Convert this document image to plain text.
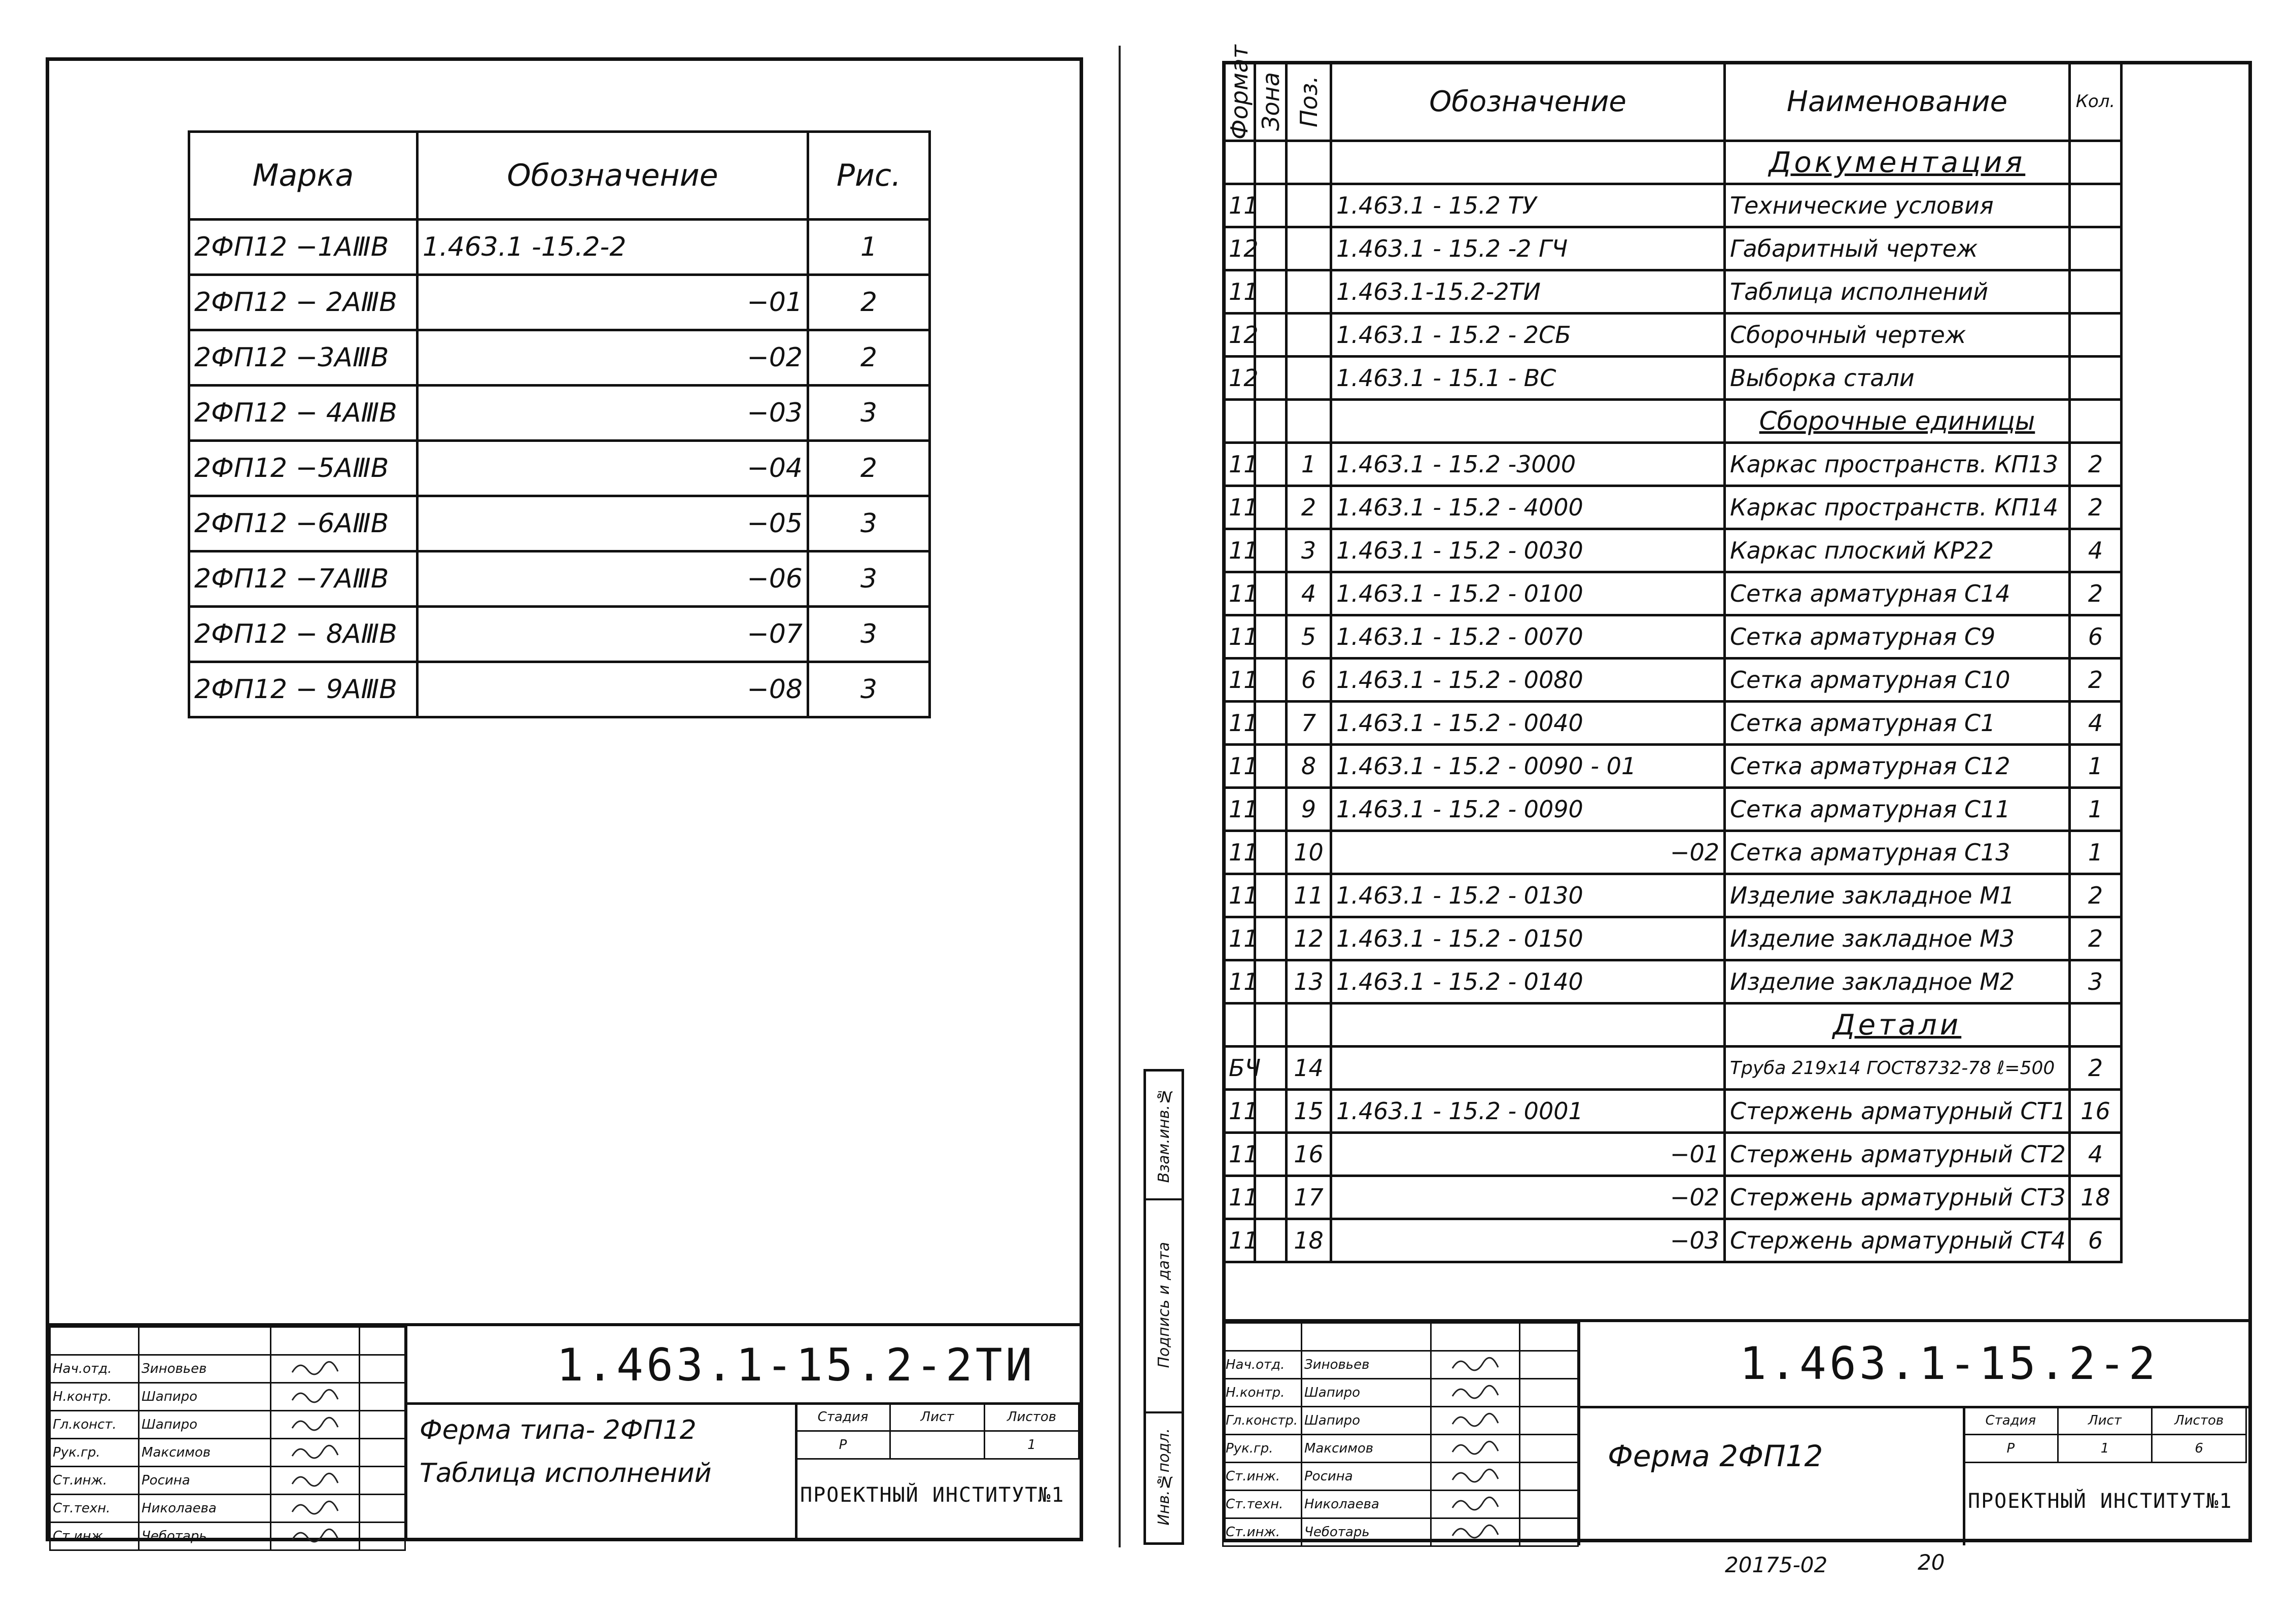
Марка	Обозначение	Рис.
2ФП12 −1АⅢВ	1.463.1 -15.2-2	1
2ФП12 − 2АⅢВ	−01	2
2ФП12 −3АⅢВ	−02	2
2ФП12 − 4АⅢВ	−03	3
2ФП12 −5АⅢВ	−04	2
2ФП12 −6АⅢВ	−05	3
2ФП12 −7АⅢВ	−06	3
2ФП12 − 8АⅢВ	−07	3
2ФП12 − 9АⅢВ	−08	3

Нач.отд.	Зиновьев		
Н.контр.	Шапиро		
Гл.конст.	Шапиро		
Рук.гр.	Максимов		
Ст.инж.	Росина		
Ст.техн.	Николаева		
Ст.инж.	Чеботарь		
1.463.1-15.2-2ТИ
Ферма типа- 2ФП12
Таблица исполнений
Стадия	Лист	Листов
Р		1
ПРОЕКТНЫЙ ИНСТИТУТ№1
Формат	Зона	Поз.	Обозначение	Наименование	Кол.	
				Документация		
11			1.463.1 - 15.2 ТУ	Технические условия		
12			1.463.1 - 15.2 -2 ГЧ	Габаритный чертеж		
11			1.463.1-15.2-2ТИ	Таблица исполнений		
12			1.463.1 - 15.2 - 2СБ	Сборочный чертеж		
12			1.463.1 - 15.1 - ВС	Выборка стали		
				Сборочные единицы		
11		1	1.463.1 - 15.2 -3000	Каркас пространств. КП13	2	
11		2	1.463.1 - 15.2 - 4000	Каркас пространств. КП14	2	
11		3	1.463.1 - 15.2 - 0030	Каркас плоский КР22	4	
11		4	1.463.1 - 15.2 - 0100	Сетка арматурная С14	2	
11		5	1.463.1 - 15.2 - 0070	Сетка арматурная С9	6	
11		6	1.463.1 - 15.2 - 0080	Сетка арматурная С10	2	
11		7	1.463.1 - 15.2 - 0040	Сетка арматурная С1	4	
11		8	1.463.1 - 15.2 - 0090 - 01	Сетка арматурная С12	1	
11		9	1.463.1 - 15.2 - 0090	Сетка арматурная С11	1	
11		10	−02	Сетка арматурная С13	1	
11		11	1.463.1 - 15.2 - 0130	Изделие закладное М1	2	
11		12	1.463.1 - 15.2 - 0150	Изделие закладное М3	2	
11		13	1.463.1 - 15.2 - 0140	Изделие закладное М2	3	
				Детали		
БЧ		14		Труба 219х14 ГОСТ8732-78 ℓ=500	2	
11		15	1.463.1 - 15.2 - 0001	Стержень арматурный СТ1	16	
11		16	−01	Стержень арматурный СТ2	4	
11		17	−02	Стержень арматурный СТ3	18	
11		18	−03	Стержень арматурный СТ4	6	
Взам.инв.№
Подпись и дата
Инв.№подл.

Нач.отд.	Зиновьев		
Н.контр.	Шапиро		
Гл.констр.	Шапиро		
Рук.гр.	Максимов		
Ст.инж.	Росина		
Ст.техн.	Николаева		
Ст.инж.	Чеботарь		
1.463.1-15.2-2
Ферма 2ФП12
Стадия	Лист	Листов
Р	1	6
ПРОЕКТНЫЙ ИНСТИТУТ№1
20175-02	20
